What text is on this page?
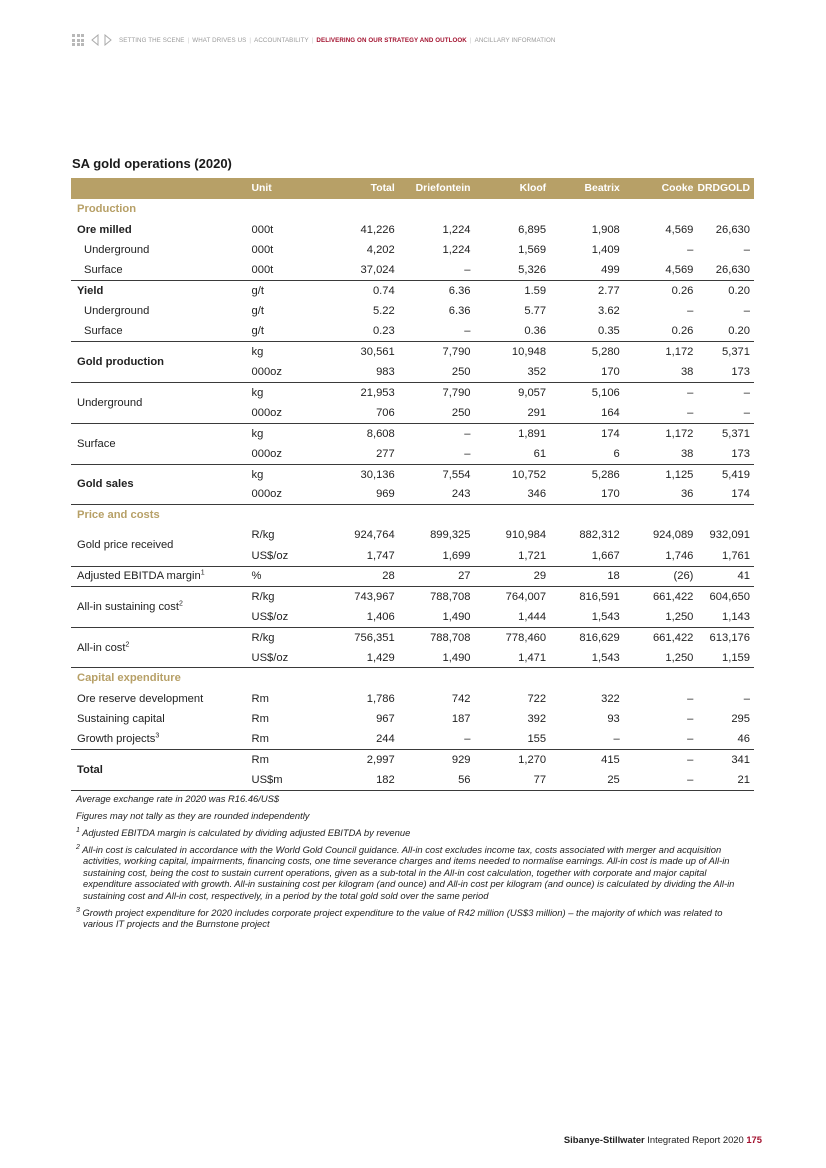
SETTING THE SCENE | WHAT DRIVES US | ACCOUNTABILITY | DELIVERING ON OUR STRATEGY AND OUTLOOK | ANCILLARY INFORMATION
SA gold operations (2020)
	Unit	Total	Driefontein	Kloof	Beatrix	Cooke	DRDGOLD
Production							
Ore milled	000t	41,226	1,224	6,895	1,908	4,569	26,630
Underground	000t	4,202	1,224	1,569	1,409	–	–
Surface	000t	37,024	–	5,326	499	4,569	26,630
Yield	g/t	0.74	6.36	1.59	2.77	0.26	0.20
Underground	g/t	5.22	6.36	5.77	3.62	–	–
Surface	g/t	0.23	–	0.36	0.35	0.26	0.20
Gold production	kg	30,561	7,790	10,948	5,280	1,172	5,371
	000oz	983	250	352	170	38	173
Underground	kg	21,953	7,790	9,057	5,106	–	–
	000oz	706	250	291	164	–	–
Surface	kg	8,608	–	1,891	174	1,172	5,371
	000oz	277	–	61	6	38	173
Gold sales	kg	30,136	7,554	10,752	5,286	1,125	5,419
	000oz	969	243	346	170	36	174
Price and costs							
Gold price received	R/kg	924,764	899,325	910,984	882,312	924,089	932,091
	US$/oz	1,747	1,699	1,721	1,667	1,746	1,761
Adjusted EBITDA margin$^1$	%	28	27	29	18	(26)	41
All-in sustaining cost$^2$	R/kg	743,967	788,708	764,007	816,591	661,422	604,650
	US$/oz	1,406	1,490	1,444	1,543	1,250	1,143
All-in cost$^2$	R/kg	756,351	788,708	778,460	816,629	661,422	613,176
	US$/oz	1,429	1,490	1,471	1,543	1,250	1,159
Capital expenditure							
Ore reserve development	Rm	1,786	742	722	322	–	–
Sustaining capital	Rm	967	187	392	93	–	295
Growth projects$^3$	Rm	244	–	155	–	–	46
Total	Rm	2,997	929	1,270	415	–	341
	US$m	182	56	77	25	–	21

Average exchange rate in 2020 was R16.46/US$

Figures may not tally as they are rounded independently

$^1$ Adjusted EBITDA margin is calculated by dividing adjusted EBITDA by revenue

$^2$ All-in cost is calculated in accordance with the World Gold Council guidance. All-in cost excludes income tax, costs associated with merger and acquisition activities, working capital, impairments, financing costs, one time severance charges and items needed to normalise earnings. All-in cost is made up of All-in sustaining cost, being the cost to sustain current operations, given as a sub-total in the All-in cost calculation, together with corporate and major capital expenditure associated with growth. All-in sustaining cost per kilogram (and ounce) and All-in cost per kilogram (and ounce) is calculated by dividing the All-in sustaining cost and All-in cost, respectively, in a period by the total gold sold over the same period

$^3$ Growth project expenditure for 2020 includes corporate project expenditure to the value of R42 million (US$3 million) – the majority of which was related to various IT projects and the Burnstone project

Sibanye-Stillwater Integrated Report 2020 175
